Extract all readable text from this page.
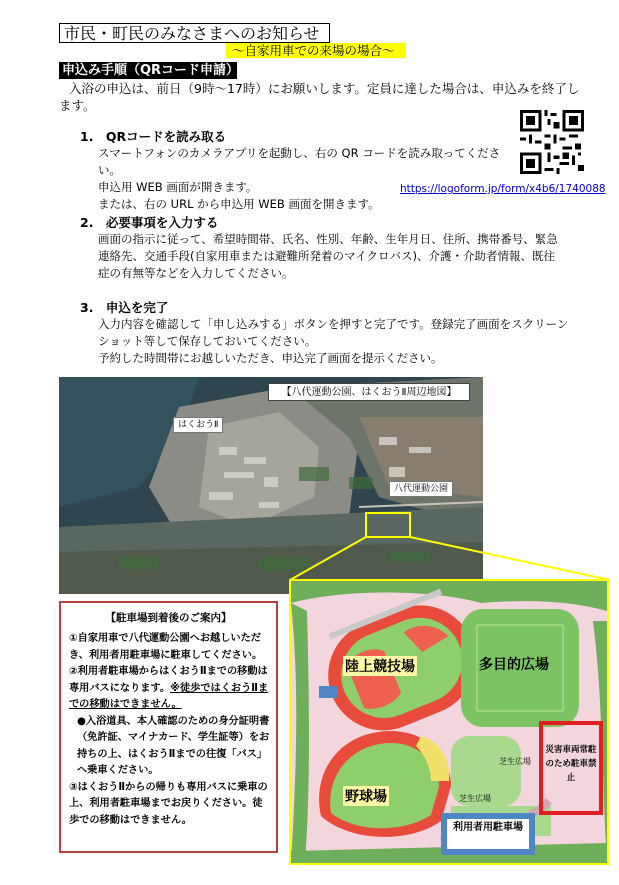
市民・町民のみなさまへのお知らせ
～自家用車での来場の場合～
申込み手順（QRコード申請）
入浴の申込は、前日（9時～17時）にお願いします。定員に達した場合は、申込みを終了します。
1. QRコードを読み取る
スマートフォンのカメラアプリを起動し、右の QR コードを読み取ってください。
申込用 WEB 画面が開きます。
または、右の URL から申込用 WEB 画面を開きます。
https://logoform.jp/form/x4b6/1740088
2. 必要事項を入力する
画面の指示に従って、希望時間帯、氏名、性別、年齢、生年月日、住所、携帯番号、緊急
連絡先、交通手段(自家用車または避難所発着のマイクロバス)、介護・介助者情報、既往
症の有無等などを入力してください。
3. 申込を完了
入力内容を確認して「申し込みする」ボタンを押すと完了です。登録完了画面をスクリーン
ショット等して保存しておいてください。
予約した時間帯にお越しいただき、申込完了画面を提示ください。
はくおうⅡ
八代運動公園
【八代運動公園、はくおうⅡ周辺地図】
【駐車場到着後のご案内】

①自家用車で八代運動公園へお越しいただき、利用者用駐車場に駐車してください。

②利用者駐車場からはくおうⅡまでの移動は専用バスになります。※徒歩ではくおうⅡまでの移動はできません。

●入浴道具、本人確認のための身分証明書（免許証、マイナカード、学生証等）をお持ちの上、はくおうⅡまでの往復「バス」へ乗車ください。

③はくおうⅡからの帰りも専用バスに乗車の上、利用者駐車場までお戻りください。徒歩での移動はできません。

陸上競技場	多目的広場
野球場
芝生広場
芝生広場
災害車両常駐のため駐車禁止
利用者用駐車場
